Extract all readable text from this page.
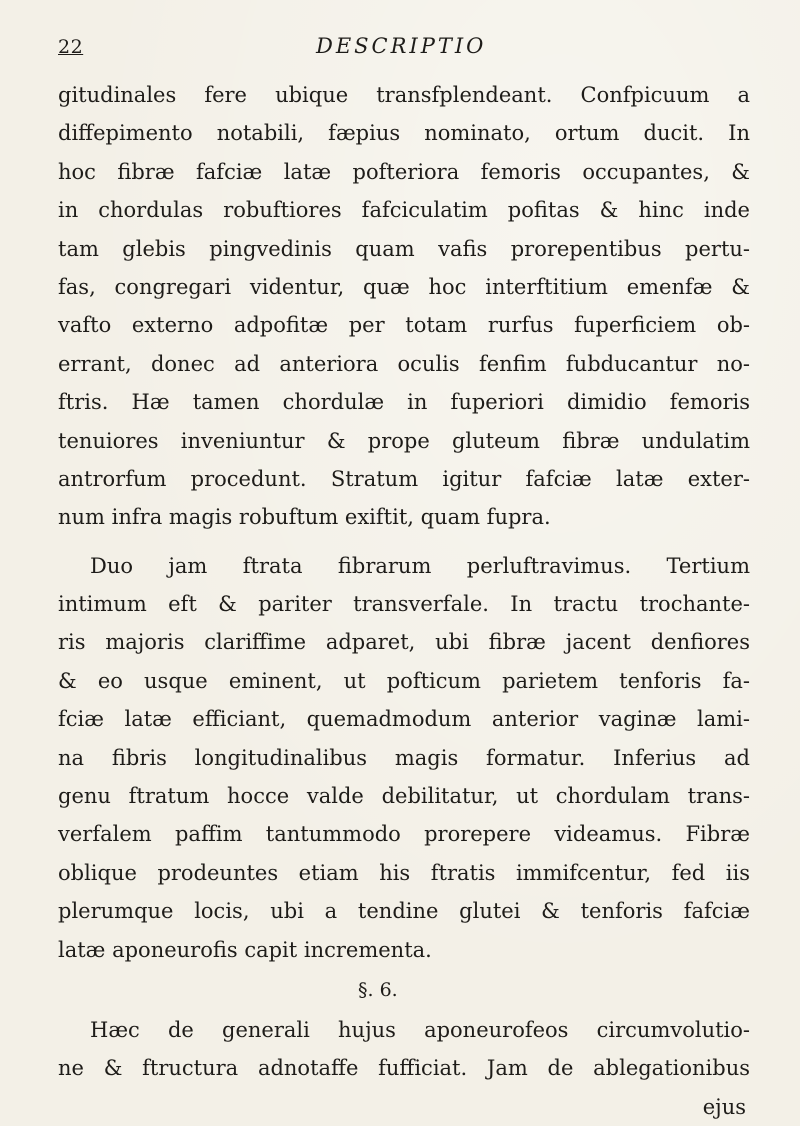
22	DESCRIPTIO
gitudinales fere ubique transfplendeant. Confpicuum a
diffepimento notabili, fæpius nominato, ortum ducit. In
hoc fibræ fafciæ latæ pofteriora femoris occupantes, &
in chordulas robuftiores fafciculatim pofitas & hinc inde
tam glebis pingvedinis quam vafis prorepentibus pertu-
fas, congregari videntur, quæ hoc interftitium emenfæ &
vafto externo adpofitæ per totam rurfus fuperficiem ob-
errant, donec ad anteriora oculis fenfim fubducantur no-
ftris. Hæ tamen chordulæ in fuperiori dimidio femoris
tenuiores inveniuntur & prope gluteum fibræ undulatim
antrorfum procedunt. Stratum igitur fafciæ latæ exter-
num infra magis robuftum exiftit, quam fupra.
Duo jam ftrata fibrarum perluftravimus. Tertium
intimum eft & pariter transverfale. In tractu trochante-
ris majoris clariffime adparet, ubi fibræ jacent denfiores
& eo usque eminent, ut pofticum parietem tenforis fa-
fciæ latæ efficiant, quemadmodum anterior vaginæ lami-
na fibris longitudinalibus magis formatur. Inferius ad
genu ftratum hocce valde debilitatur, ut chordulam trans-
verfalem paffim tantummodo prorepere videamus. Fibræ
oblique prodeuntes etiam his ftratis immifcentur, fed iis
plerumque locis, ubi a tendine glutei & tenforis fafciæ
latæ aponeurofis capit incrementa.
§. 6.
Hæc de generali hujus aponeurofeos circumvolutio-
ne & ftructura adnotaffe fufficiat. Jam de ablegationibus
ejus
